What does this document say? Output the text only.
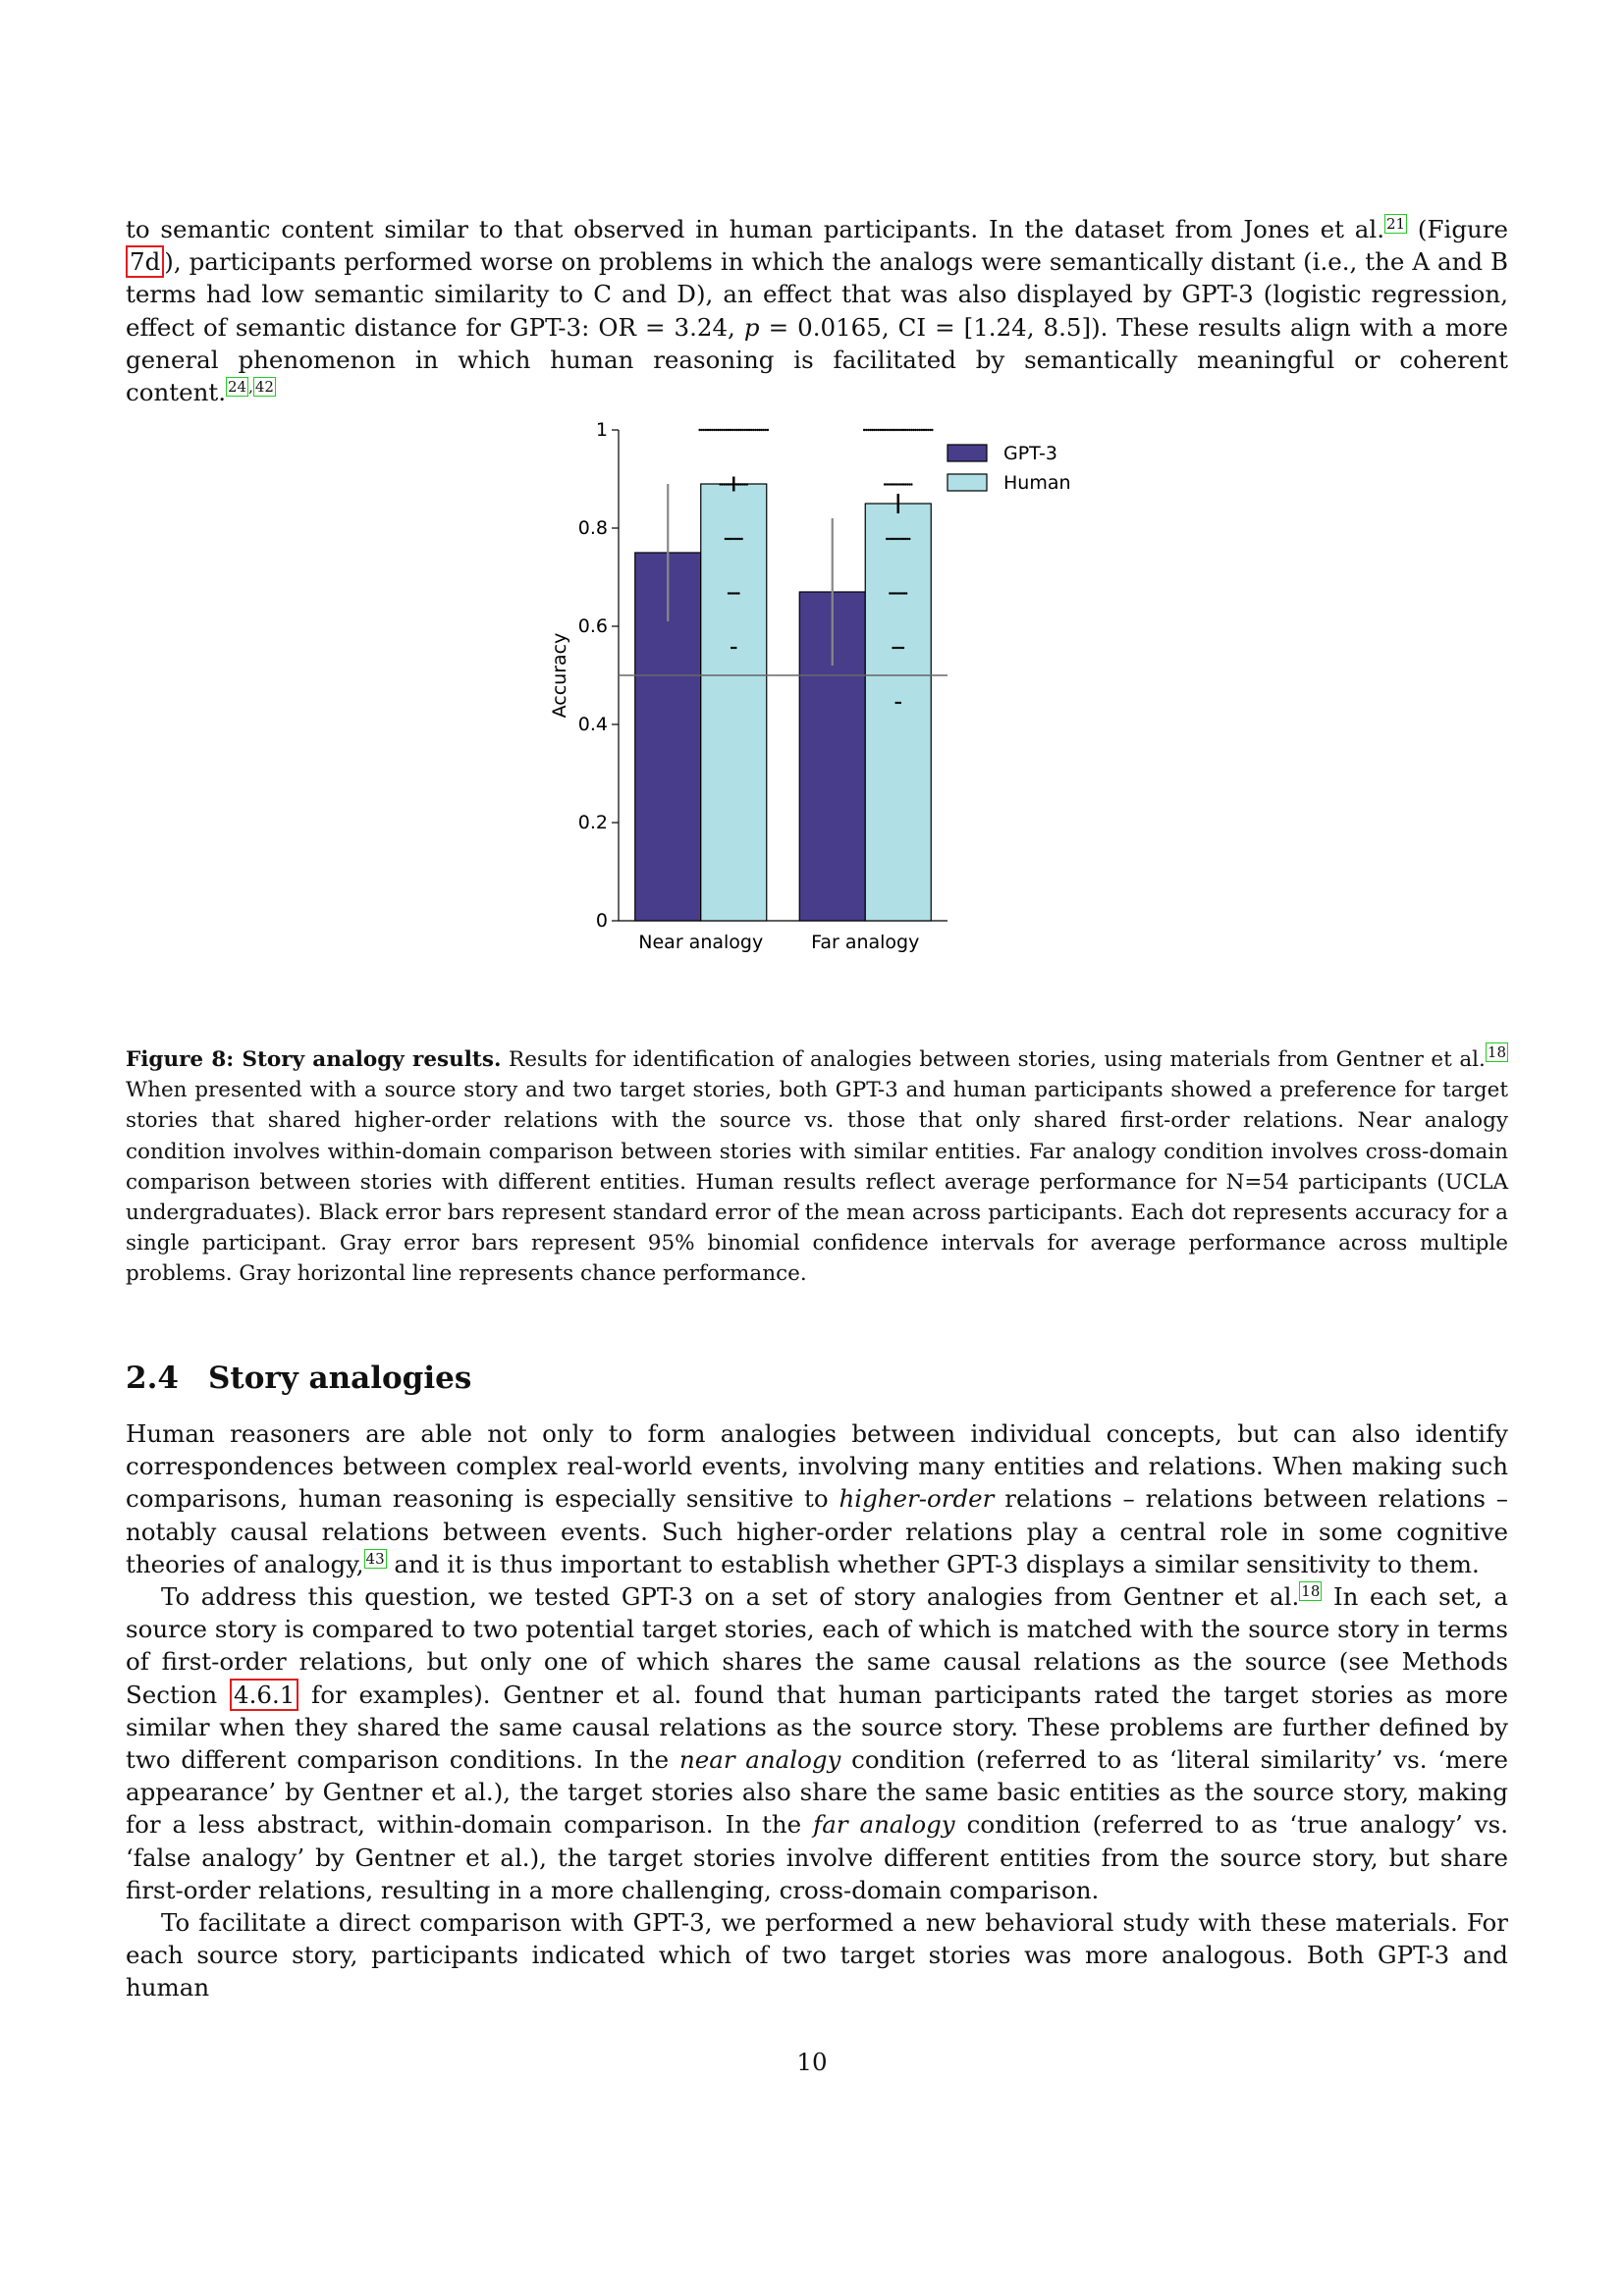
to semantic content similar to that observed in human participants. In the dataset from Jones et al. $^{21}$ (Figure 7d ), participants performed worse on problems in which the analogs were semantically distant (i.e., the A and B terms had low semantic similarity to C and D), an effect that was also displayed by GPT-3 (logistic regression, effect of semantic distance for GPT-3: OR = 3.24, p = 0.0165, CI = [1.24, 8.5]). These results align with a more general phenomenon in which human reasoning is facilitated by semantically meaningful or coherent content. $^{24}$ , $^{42}$

0
0.2
0.4
0.6
0.8
1
Accuracy
Near analogy	Far analogy
GPT-3
Human

Figure 8: Story analogy results. Results for identification of analogies between stories, using materials from Gentner et al. $^{18}$ When presented with a source story and two target stories, both GPT-3 and human participants showed a preference for target stories that shared higher-order relations with the source vs. those that only shared first-order relations. Near analogy condition involves within-domain comparison between stories with similar entities. Far analogy condition involves cross-domain comparison between stories with different entities. Human results reflect average performance for N=54 participants (UCLA undergraduates). Black error bars represent standard error of the mean across participants. Each dot represents accuracy for a single participant. Gray error bars represent 95% binomial confidence intervals for average performance across multiple problems. Gray horizontal line represents chance performance.

2.4 Story analogies

Human reasoners are able not only to form analogies between individual concepts, but can also identify correspondences between complex real-world events, involving many entities and relations. When making such comparisons, human reasoning is especially sensitive to higher-order relations – relations between relations – notably causal relations between events. Such higher-order relations play a central role in some cognitive theories of analogy, $^{43}$ and it is thus important to establish whether GPT-3 displays a similar sensitivity to them.

To address this question, we tested GPT-3 on a set of story analogies from Gentner et al. $^{18}$ In each set, a source story is compared to two potential target stories, each of which is matched with the source story in terms of first-order relations, but only one of which shares the same causal relations as the source (see Methods Section 4.6.1 for examples). Gentner et al. found that human participants rated the target stories as more similar when they shared the same causal relations as the source story. These problems are further defined by two different comparison conditions. In the near analogy condition (referred to as ‘literal similarity’ vs. ‘mere appearance’ by Gentner et al.), the target stories also share the same basic entities as the source story, making for a less abstract, within-domain comparison. In the far analogy condition (referred to as ‘true analogy’ vs. ‘false analogy’ by Gentner et al.), the target stories involve different entities from the source story, but share first-order relations, resulting in a more challenging, cross-domain comparison.

To facilitate a direct comparison with GPT-3, we performed a new behavioral study with these materials. For each source story, participants indicated which of two target stories was more analogous. Both GPT-3 and human

10
